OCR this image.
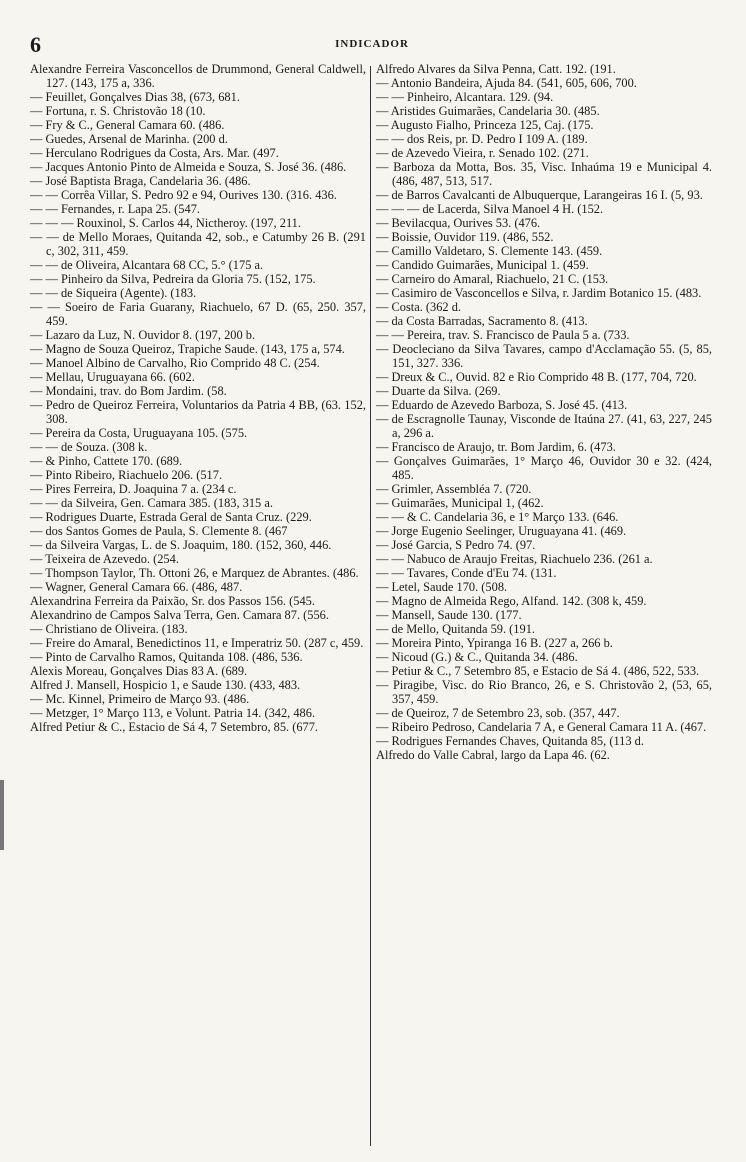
6	INDICADOR
Alexandre Ferreira Vasconcellos de Drummond, General Caldwell, 127. (143, 175 a, 336.
— Feuillet, Gonçalves Dias 38, (673, 681.
— Fortuna, r. S. Christovão 18 (10.
— Fry & C., General Camara 60. (486.
— Guedes, Arsenal de Marinha. (200 d.
— Herculano Rodrigues da Costa, Ars. Mar. (497.
— Jacques Antonio Pinto de Almeida e Souza, S. José 36. (486.
— José Baptista Braga, Candelaria 36. (486.
— — Corrêa Villar, S. Pedro 92 e 94, Ourives 130. (316. 436.
— — Fernandes, r. Lapa 25. (547.
— — — Rouxinol, S. Carlos 44, Nictheroy. (197, 211.
— — de Mello Moraes, Quitanda 42, sob., e Catumby 26 B. (291 c, 302, 311, 459.
— — de Oliveira, Alcantara 68 CC, 5.° (175 a.
— — Pinheiro da Silva, Pedreira da Gloria 75. (152, 175.
— — de Siqueira (Agente). (183.
— — Soeiro de Faria Guarany, Riachuelo, 67 D. (65, 250. 357, 459.
— Lazaro da Luz, N. Ouvidor 8. (197, 200 b.
— Magno de Souza Queiroz, Trapiche Saude. (143, 175 a, 574.
— Manoel Albino de Carvalho, Rio Comprido 48 C. (254.
— Mellau, Uruguayana 66. (602.
— Mondaini, trav. do Bom Jardim. (58.
— Pedro de Queiroz Ferreira, Voluntarios da Patria 4 BB, (63. 152, 308.
— Pereira da Costa, Uruguayana 105. (575.
— — de Souza. (308 k.
— & Pinho, Cattete 170. (689.
— Pinto Ribeiro, Riachuelo 206. (517.
— Pires Ferreira, D. Joaquina 7 a. (234 c.
— — da Silveira, Gen. Camara 385. (183, 315 a.
— Rodrigues Duarte, Estrada Geral de Santa Cruz. (229.
— dos Santos Gomes de Paula, S. Clemente 8. (467
— da Silveira Vargas, L. de S. Joaquim, 180. (152, 360, 446.
— Teixeira de Azevedo. (254.
— Thompson Taylor, Th. Ottoni 26, e Marquez de Abrantes. (486.
— Wagner, General Camara 66. (486, 487.
Alexandrina Ferreira da Paixão, Sr. dos Passos 156. (545.
Alexandrino de Campos Salva Terra, Gen. Camara 87. (556.
— Christiano de Oliveira. (183.
— Freire do Amaral, Benedictinos 11, e Imperatriz 50. (287 c, 459.
— Pinto de Carvalho Ramos, Quitanda 108. (486, 536.
Alexis Moreau, Gonçalves Dias 83 A. (689.
Alfred J. Mansell, Hospicio 1, e Saude 130. (433, 483.
— Mc. Kinnel, Primeiro de Março 93. (486.
— Metzger, 1° Março 113, e Volunt. Patria 14. (342, 486.
Alfred Petiur & C., Estacio de Sá 4, 7 Setembro, 85. (677.
Alfredo Alvares da Silva Penna, Catt. 192. (191.
— Antonio Bandeira, Ajuda 84. (541, 605, 606, 700.
— — Pinheiro, Alcantara. 129. (94.
— Aristides Guimarães, Candelaria 30. (485.
— Augusto Fialho, Princeza 125, Caj. (175.
— — dos Reis, pr. D. Pedro I 109 A. (189.
— de Azevedo Vieira, r. Senado 102. (271.
— Barboza da Motta, Bos. 35, Visc. Inhaúma 19 e Municipal 4. (486, 487, 513, 517.
— de Barros Cavalcanti de Albuquerque, Larangeiras 16 I. (5, 93.
— — — de Lacerda, Silva Manoel 4 H. (152.
— Bevilacqua, Ourives 53. (476.
— Boissie, Ouvidor 119. (486, 552.
— Camillo Valdetaro, S. Clemente 143. (459.
— Candido Guimarães, Municipal 1. (459.
— Carneiro do Amaral, Riachuelo, 21 C. (153.
— Casimiro de Vasconcellos e Silva, r. Jardim Botanico 15. (483.
— Costa. (362 d.
— da Costa Barradas, Sacramento 8. (413.
— — Pereira, trav. S. Francisco de Paula 5 a. (733.
— Deocleciano da Silva Tavares, campo d'Acclamação 55. (5, 85, 151, 327. 336.
— Dreux & C., Ouvid. 82 e Rio Comprido 48 B. (177, 704, 720.
— Duarte da Silva. (269.
— Eduardo de Azevedo Barboza, S. José 45. (413.
— de Escragnolle Taunay, Visconde de Itaúna 27. (41, 63, 227, 245 a, 296 a.
— Francisco de Araujo, tr. Bom Jardim, 6. (473.
— Gonçalves Guimarães, 1° Março 46, Ouvidor 30 e 32. (424, 485.
— Grimler, Assembléa 7. (720.
— Guimarães, Municipal 1, (462.
— — & C. Candelaria 36, e 1° Março 133. (646.
— Jorge Eugenio Seelinger, Uruguayana 41. (469.
— José Garcia, S Pedro 74. (97.
— — Nabuco de Araujo Freitas, Riachuelo 236. (261 a.
— — Tavares, Conde d'Eu 74. (131.
— Letel, Saude 170. (508.
— Magno de Almeida Rego, Alfand. 142. (308 k, 459.
— Mansell, Saude 130. (177.
— de Mello, Quitanda 59. (191.
— Moreira Pinto, Ypiranga 16 B. (227 a, 266 b.
— Nicoud (G.) & C., Quitanda 34. (486.
— Petiur & C., 7 Setembro 85, e Estacio de Sá 4. (486, 522, 533.
— Piragibe, Visc. do Rio Branco, 26, e S. Christovão 2, (53, 65, 357, 459.
— de Queiroz, 7 de Setembro 23, sob. (357, 447.
— Ribeiro Pedroso, Candelaria 7 A, e General Camara 11 A. (467.
— Rodrigues Fernandes Chaves, Quitanda 85, (113 d.
Alfredo do Valle Cabral, largo da Lapa 46. (62.
